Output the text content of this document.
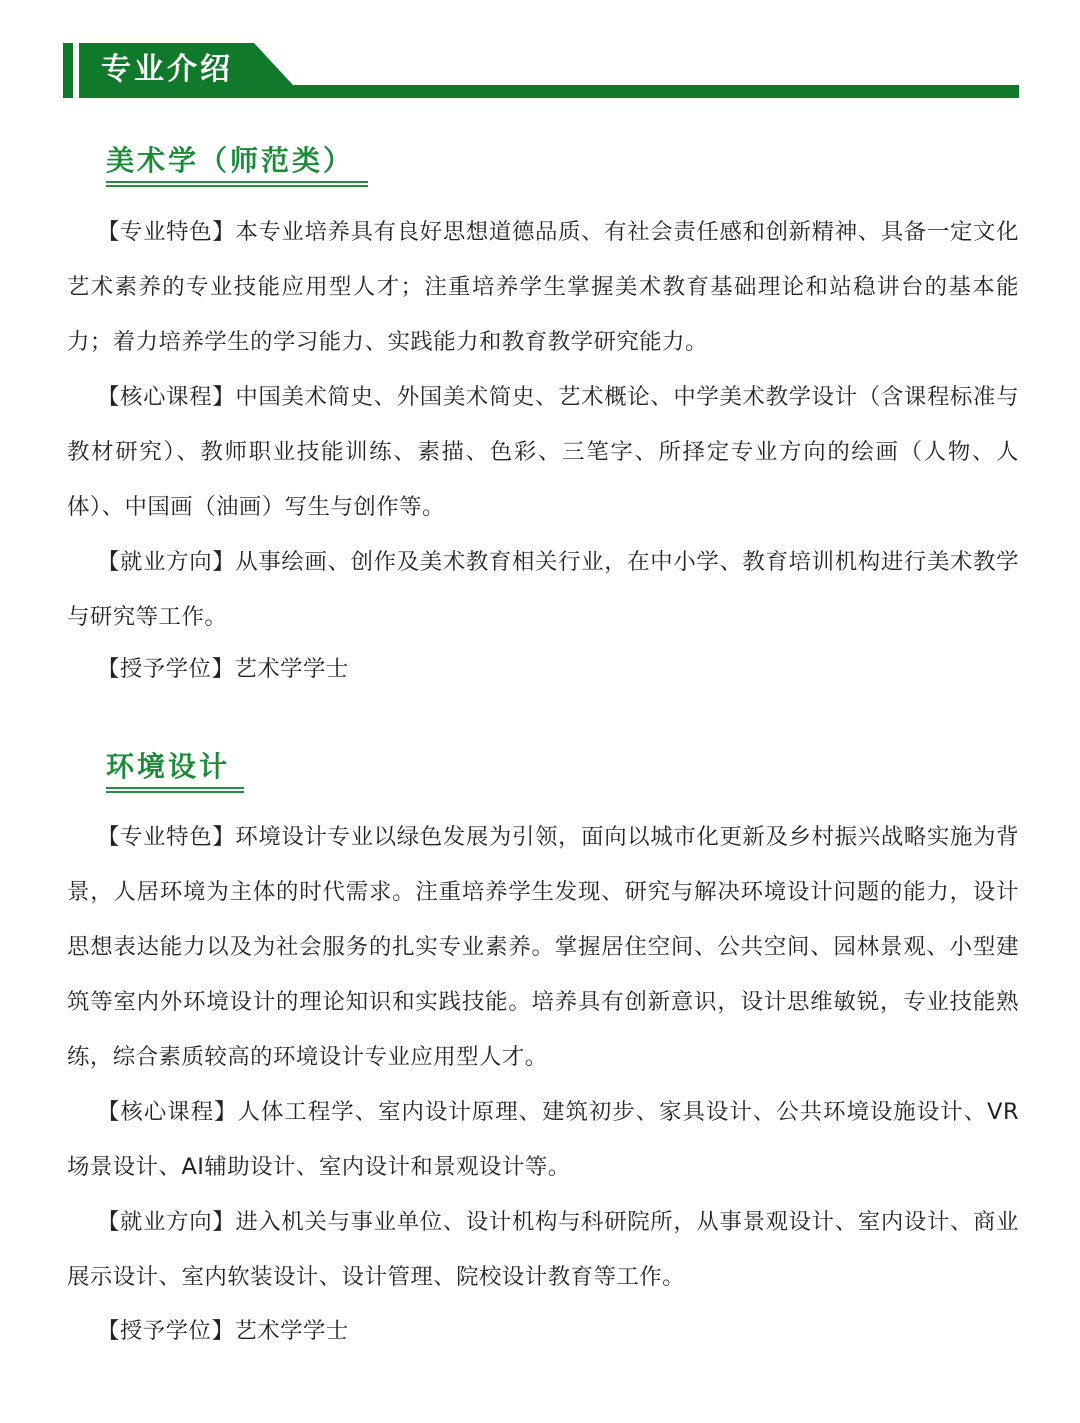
专业介绍
美术学（师范类）

【专业特色】本专业培养具有良好思想道德品质、有社会责任感和创新精神、具备一定文化艺术素养的专业技能应用型人才；注重培养学生掌握美术教育基础理论和站稳讲台的基本能力；着力培养学生的学习能力、实践能力和教育教学研究能力。

【核心课程】中国美术简史、外国美术简史、艺术概论、中学美术教学设计（含课程标准与教材研究）、教师职业技能训练、素描、色彩、三笔字、所择定专业方向的绘画（人物、人体）、中国画（油画）写生与创作等。

【就业方向】从事绘画、创作及美术教育相关行业，在中小学、教育培训机构进行美术教学与研究等工作。

【授予学位】艺术学学士

环境设计

【专业特色】环境设计专业以绿色发展为引领，面向以城市化更新及乡村振兴战略实施为背景，人居环境为主体的时代需求。注重培养学生发现、研究与解决环境设计问题的能力，设计思想表达能力以及为社会服务的扎实专业素养。掌握居住空间、公共空间、园林景观、小型建筑等室内外环境设计的理论知识和实践技能。培养具有创新意识，设计思维敏锐，专业技能熟练，综合素质较高的环境设计专业应用型人才。

【核心课程】人体工程学、室内设计原理、建筑初步、家具设计、公共环境设施设计、VR场景设计、AI辅助设计、室内设计和景观设计等。

【就业方向】进入机关与事业单位、设计机构与科研院所，从事景观设计、室内设计、商业展示设计、室内软装设计、设计管理、院校设计教育等工作。

【授予学位】艺术学学士
